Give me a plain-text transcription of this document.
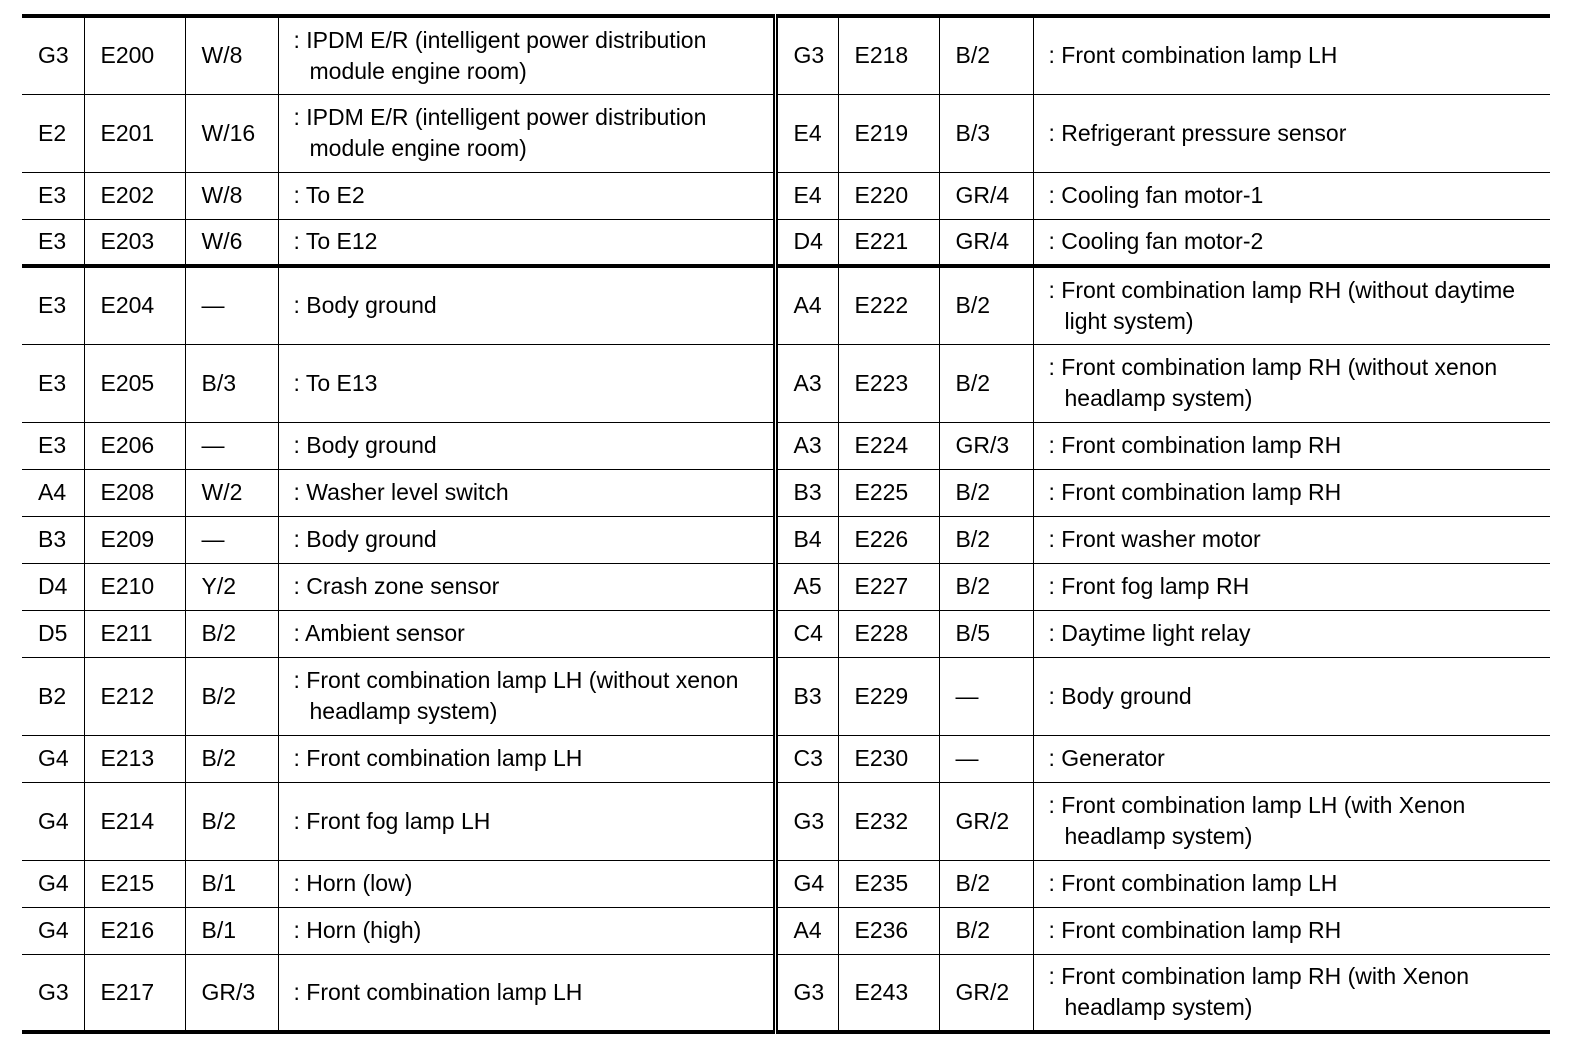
G3	E200	W/8	: IPDM E/R (intelligent power distribution module engine room)	G3	E218	B/2	: Front combination lamp LH

E2	E201	W/16	: IPDM E/R (intelligent power distribution module engine room)	E4	E219	B/3	: Refrigerant pressure sensor

E3	E202	W/8	: To E2	E4	E220	GR/4	: Cooling fan motor-1

E3	E203	W/6	: To E12	D4	E221	GR/4	: Cooling fan motor-2

E3	E204	—	: Body ground	A4	E222	B/2	: Front combination lamp RH (without daytime light system)

E3	E205	B/3	: To E13	A3	E223	B/2	: Front combination lamp RH (without xenon headlamp system)

E3	E206	—	: Body ground	A3	E224	GR/3	: Front combination lamp RH

A4	E208	W/2	: Washer level switch	B3	E225	B/2	: Front combination lamp RH

B3	E209	—	: Body ground	B4	E226	B/2	: Front washer motor

D4	E210	Y/2	: Crash zone sensor	A5	E227	B/2	: Front fog lamp RH

D5	E211	B/2	: Ambient sensor	C4	E228	B/5	: Daytime light relay

B2	E212	B/2	: Front combination lamp LH (without xenon headlamp system)	B3	E229	—	: Body ground

G4	E213	B/2	: Front combination lamp LH	C3	E230	—	: Generator

G4	E214	B/2	: Front fog lamp LH	G3	E232	GR/2	: Front combination lamp LH (with Xenon headlamp system)

G4	E215	B/1	: Horn (low)	G4	E235	B/2	: Front combination lamp LH

G4	E216	B/1	: Horn (high)	A4	E236	B/2	: Front combination lamp RH

G3	E217	GR/3	: Front combination lamp LH	G3	E243	GR/2	: Front combination lamp RH (with Xenon headlamp system)
